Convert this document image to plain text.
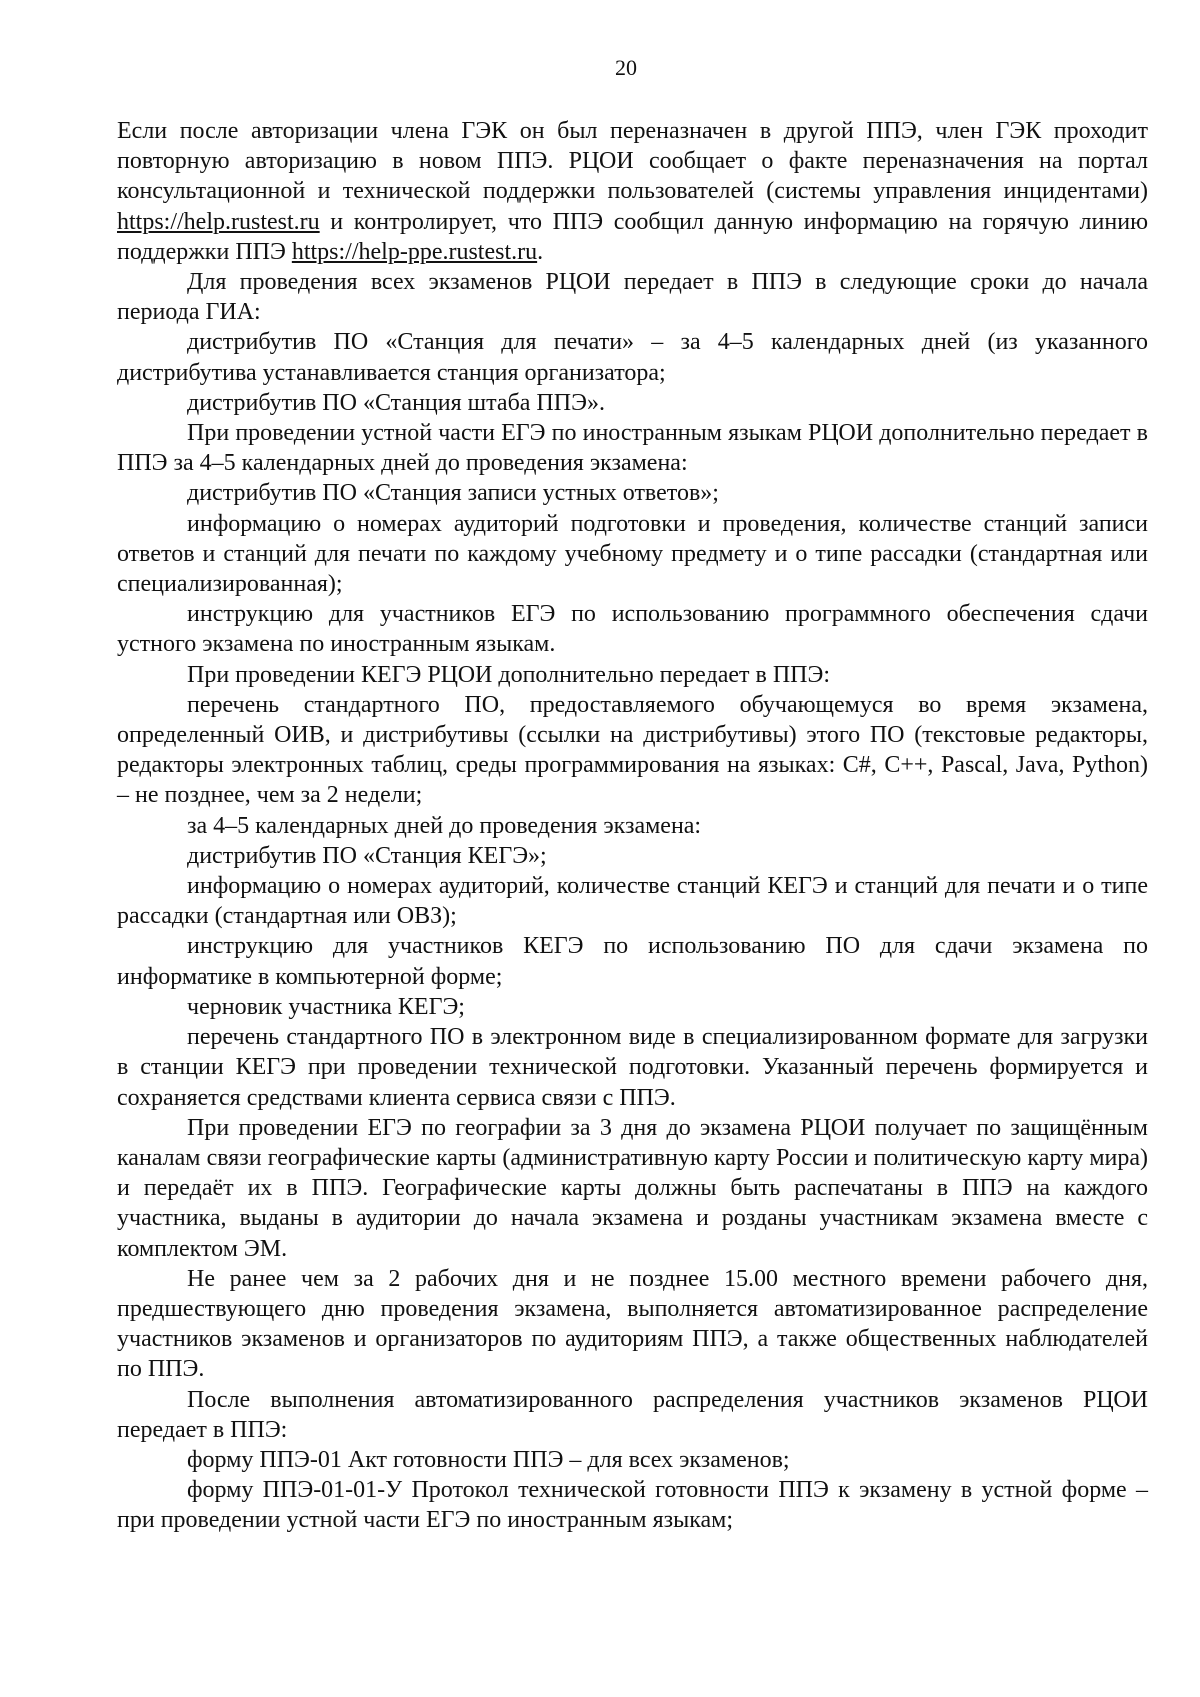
20

Если после авторизации члена ГЭК он был переназначен в другой ППЭ, член ГЭК проходит повторную авторизацию в новом ППЭ. РЦОИ сообщает о факте переназначения на портал консультационной и технической поддержки пользователей (системы управления инцидентами) https://help.rustest.ru и контролирует, что ППЭ сообщил данную информацию на горячую линию поддержки ППЭ https://help-ppe.rustest.ru.

Для проведения всех экзаменов РЦОИ передает в ППЭ в следующие сроки до начала периода ГИА:

дистрибутив ПО «Станция для печати» – за 4–5 календарных дней (из указанного дистрибутива устанавливается станция организатора;

дистрибутив ПО «Станция штаба ППЭ».

При проведении устной части ЕГЭ по иностранным языкам РЦОИ дополнительно передает в ППЭ за 4–5 календарных дней до проведения экзамена:

дистрибутив ПО «Станция записи устных ответов»;

информацию о номерах аудиторий подготовки и проведения, количестве станций записи ответов и станций для печати по каждому учебному предмету и о типе рассадки (стандартная или специализированная);

инструкцию для участников ЕГЭ по использованию программного обеспечения сдачи устного экзамена по иностранным языкам.

При проведении КЕГЭ РЦОИ дополнительно передает в ППЭ:

перечень стандартного ПО, предоставляемого обучающемуся во время экзамена, определенный ОИВ, и дистрибутивы (ссылки на дистрибутивы) этого ПО (текстовые редакторы, редакторы электронных таблиц, среды программирования на языках: C#, C++, Pascal, Java, Python) – не позднее, чем за 2 недели;

за 4–5 календарных дней до проведения экзамена:

дистрибутив ПО «Станция КЕГЭ»;

информацию о номерах аудиторий, количестве станций КЕГЭ и станций для печати и о типе рассадки (стандартная или ОВЗ);

инструкцию для участников КЕГЭ по использованию ПО для сдачи экзамена по информатике в компьютерной форме;

черновик участника КЕГЭ;

перечень стандартного ПО в электронном виде в специализированном формате для загрузки в станции КЕГЭ при проведении технической подготовки. Указанный перечень формируется и сохраняется средствами клиента сервиса связи с ППЭ.

При проведении ЕГЭ по географии за 3 дня до экзамена РЦОИ получает по защищённым каналам связи географические карты (административную карту России и политическую карту мира) и передаёт их в ППЭ. Географические карты должны быть распечатаны в ППЭ на каждого участника, выданы в аудитории до начала экзамена и розданы участникам экзамена вместе с комплектом ЭМ.

Не ранее чем за 2 рабочих дня и не позднее 15.00 местного времени рабочего дня, предшествующего дню проведения экзамена, выполняется автоматизированное распределение участников экзаменов и организаторов по аудиториям ППЭ, а также общественных наблюдателей по ППЭ.

После выполнения автоматизированного распределения участников экзаменов РЦОИ передает в ППЭ:

форму ППЭ-01 Акт готовности ППЭ – для всех экзаменов;

форму ППЭ-01-01-У Протокол технической готовности ППЭ к экзамену в устной форме – при проведении устной части ЕГЭ по иностранным языкам;
